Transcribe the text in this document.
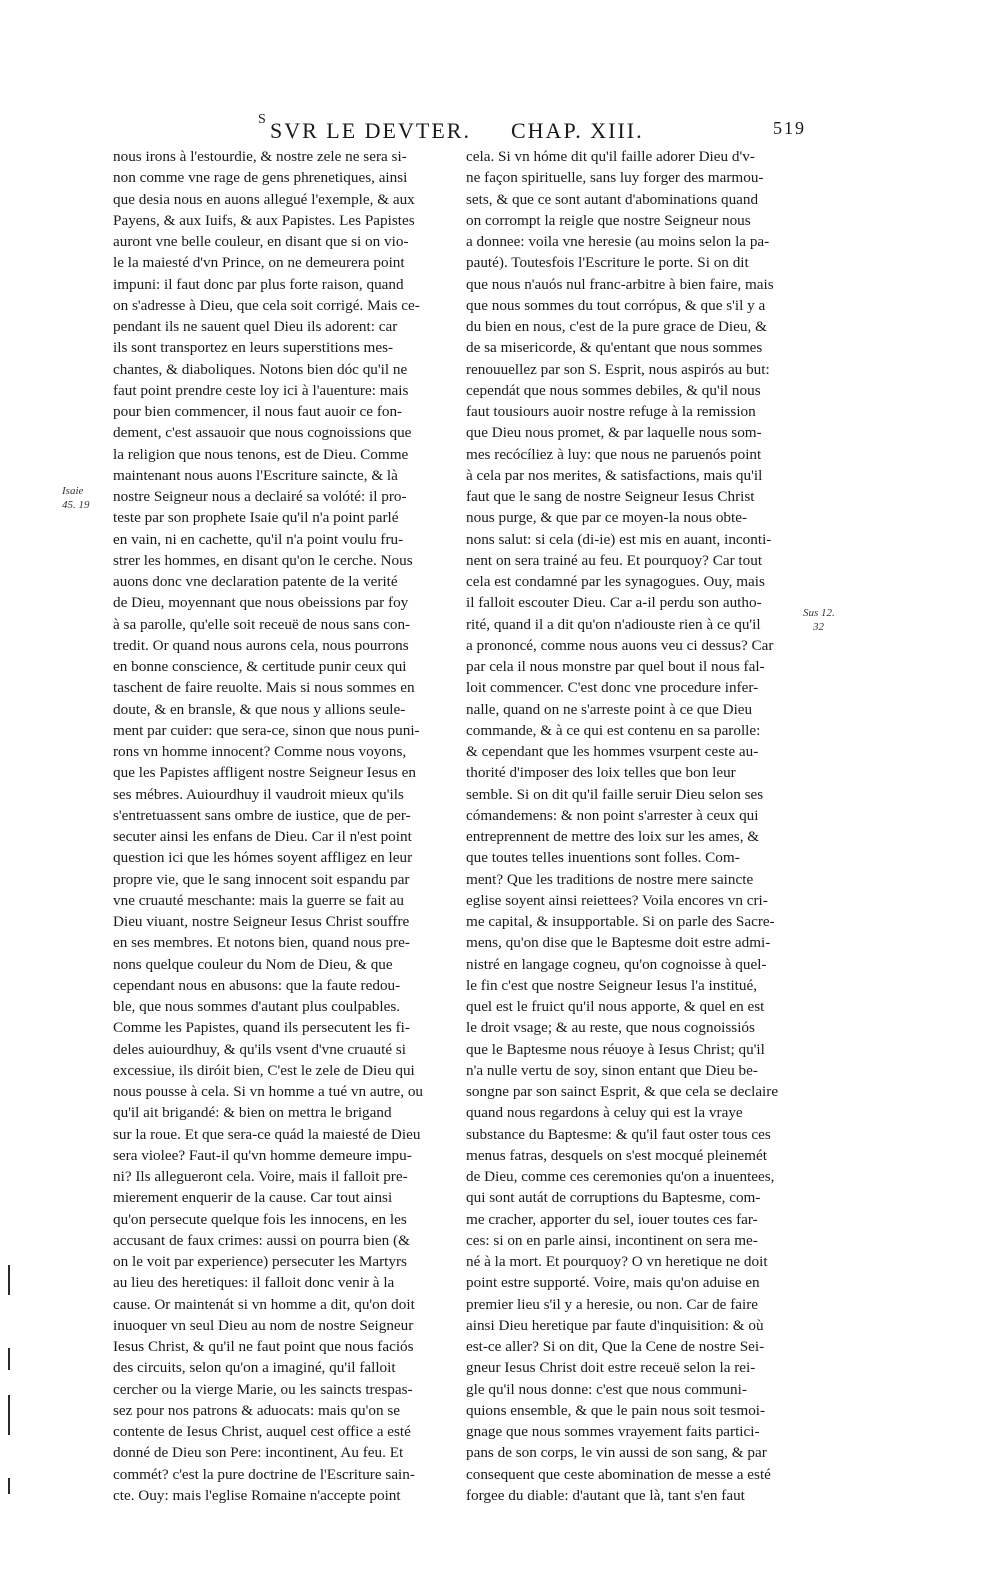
S SVR LE DEVTER. CHAP. XIII.	519
Isaie
45. 19
Sus 12.
32
nous irons à l'estourdie, & nostre zele ne sera si-
non comme vne rage de gens phrenetiques, ainsi
que desia nous en auons allegué l'exemple, & aux
Payens, & aux Iuifs, & aux Papistes. Les Papistes
auront vne belle couleur, en disant que si on vio-
le la maiesté d'vn Prince, on ne demeurera point
impuni: il faut donc par plus forte raison, quand
on s'adresse à Dieu, que cela soit corrigé. Mais ce-
pendant ils ne sauent quel Dieu ils adorent: car
ils sont transportez en leurs superstitions mes-
chantes, & diaboliques. Notons bien dóc qu'il ne
faut point prendre ceste loy ici à l'auenture: mais
pour bien commencer, il nous faut auoir ce fon-
dement, c'est assauoir que nous cognoissions que
la religion que nous tenons, est de Dieu. Comme
maintenant nous auons l'Escriture saincte, & là
nostre Seigneur nous a declairé sa volóté: il pro-
teste par son prophete Isaie qu'il n'a point parlé
en vain, ni en cachette, qu'il n'a point voulu fru-
strer les hommes, en disant qu'on le cerche. Nous
auons donc vne declaration patente de la verité
de Dieu, moyennant que nous obeissions par foy
à sa parolle, qu'elle soit receuë de nous sans con-
tredit. Or quand nous aurons cela, nous pourrons
en bonne conscience, & certitude punir ceux qui
taschent de faire reuolte. Mais si nous sommes en
doute, & en bransle, & que nous y allions seule-
ment par cuider: que sera-ce, sinon que nous puni-
rons vn homme innocent? Comme nous voyons,
que les Papistes affligent nostre Seigneur Iesus en
ses mébres. Auiourdhuy il vaudroit mieux qu'ils
s'entretuassent sans ombre de iustice, que de per-
secuter ainsi les enfans de Dieu. Car il n'est point
question ici que les hómes soyent affligez en leur
propre vie, que le sang innocent soit espandu par
vne cruauté meschante: mais la guerre se fait au
Dieu viuant, nostre Seigneur Iesus Christ souffre
en ses membres. Et notons bien, quand nous pre-
nons quelque couleur du Nom de Dieu, & que
cependant nous en abusons: que la faute redou-
ble, que nous sommes d'autant plus coulpables.
Comme les Papistes, quand ils persecutent les fi-
deles auiourdhuy, & qu'ils vsent d'vne cruauté si
excessiue, ils diróit bien, C'est le zele de Dieu qui
nous pousse à cela. Si vn homme a tué vn autre, ou
qu'il ait brigandé: & bien on mettra le brigand
sur la roue. Et que sera-ce quád la maiesté de Dieu
sera violee? Faut-il qu'vn homme demeure impu-
ni? Ils allegueront cela. Voire, mais il falloit pre-
mierement enquerir de la cause. Car tout ainsi
qu'on persecute quelque fois les innocens, en les
accusant de faux crimes: aussi on pourra bien (&
on le voit par experience) persecuter les Martyrs
au lieu des heretiques: il falloit donc venir à la
cause. Or maintenát si vn homme a dit, qu'on doit
inuoquer vn seul Dieu au nom de nostre Seigneur
Iesus Christ, & qu'il ne faut point que nous faciós
des circuits, selon qu'on a imaginé, qu'il falloit
cercher ou la vierge Marie, ou les saincts trespas-
sez pour nos patrons & aduocats: mais qu'on se
contente de Iesus Christ, auquel cest office a esté
donné de Dieu son Pere: incontinent, Au feu. Et
commét? c'est la pure doctrine de l'Escriture sain-
cte. Ouy: mais l'eglise Romaine n'accepte point
cela. Si vn hóme dit qu'il faille adorer Dieu d'v-
ne façon spirituelle, sans luy forger des marmou-
sets, & que ce sont autant d'abominations quand
on corrompt la reigle que nostre Seigneur nous
a donnee: voila vne heresie (au moins selon la pa-
pauté). Toutesfois l'Escriture le porte. Si on dit
que nous n'auós nul franc-arbitre à bien faire, mais
que nous sommes du tout corrópus, & que s'il y a
du bien en nous, c'est de la pure grace de Dieu, &
de sa misericorde, & qu'entant que nous sommes
renouuellez par son S. Esprit, nous aspirós au but:
cependát que nous sommes debiles, & qu'il nous
faut tousiours auoir nostre refuge à la remission
que Dieu nous promet, & par laquelle nous som-
mes recócíliez à luy: que nous ne paruenós point
à cela par nos merites, & satisfactions, mais qu'il
faut que le sang de nostre Seigneur Iesus Christ
nous purge, & que par ce moyen-la nous obte-
nons salut: si cela (di-ie) est mis en auant, inconti-
nent on sera trainé au feu. Et pourquoy? Car tout
cela est condamné par les synagogues. Ouy, mais
il falloit escouter Dieu. Car a-il perdu son autho-
rité, quand il a dit qu'on n'adiouste rien à ce qu'il
a prononcé, comme nous auons veu ci dessus? Car
par cela il nous monstre par quel bout il nous fal-
loit commencer. C'est donc vne procedure infer-
nalle, quand on ne s'arreste point à ce que Dieu
commande, & à ce qui est contenu en sa parolle:
& cependant que les hommes vsurpent ceste au-
thorité d'imposer des loix telles que bon leur
semble. Si on dit qu'il faille seruir Dieu selon ses
cómandemens: & non point s'arrester à ceux qui
entreprennent de mettre des loix sur les ames, &
que toutes telles inuentions sont folles. Com-
ment? Que les traditions de nostre mere saincte
eglise soyent ainsi reiettees? Voila encores vn cri-
me capital, & insupportable. Si on parle des Sacre-
mens, qu'on dise que le Baptesme doit estre admi-
nistré en langage cogneu, qu'on cognoisse à quel-
le fin c'est que nostre Seigneur Iesus l'a institué,
quel est le fruict qu'il nous apporte, & quel en est
le droit vsage; & au reste, que nous cognoissiós
que le Baptesme nous réuoye à Iesus Christ; qu'il
n'a nulle vertu de soy, sinon entant que Dieu be-
songne par son sainct Esprit, & que cela se declaire
quand nous regardons à celuy qui est la vraye
substance du Baptesme: & qu'il faut oster tous ces
menus fatras, desquels on s'est mocqué pleinemét
de Dieu, comme ces ceremonies qu'on a inuentees,
qui sont autát de corruptions du Baptesme, com-
me cracher, apporter du sel, iouer toutes ces far-
ces: si on en parle ainsi, incontinent on sera me-
né à la mort. Et pourquoy? O vn heretique ne doit
point estre supporté. Voire, mais qu'on aduise en
premier lieu s'il y a heresie, ou non. Car de faire
ainsi Dieu heretique par faute d'inquisition: & où
est-ce aller? Si on dit, Que la Cene de nostre Sei-
gneur Iesus Christ doit estre receuë selon la rei-
gle qu'il nous donne: c'est que nous communi-
quions ensemble, & que le pain nous soit tesmoi-
gnage que nous sommes vrayement faits partici-
pans de son corps, le vin aussi de son sang, & par
consequent que ceste abomination de messe a esté
forgee du diable: d'autant que là, tant s'en faut
